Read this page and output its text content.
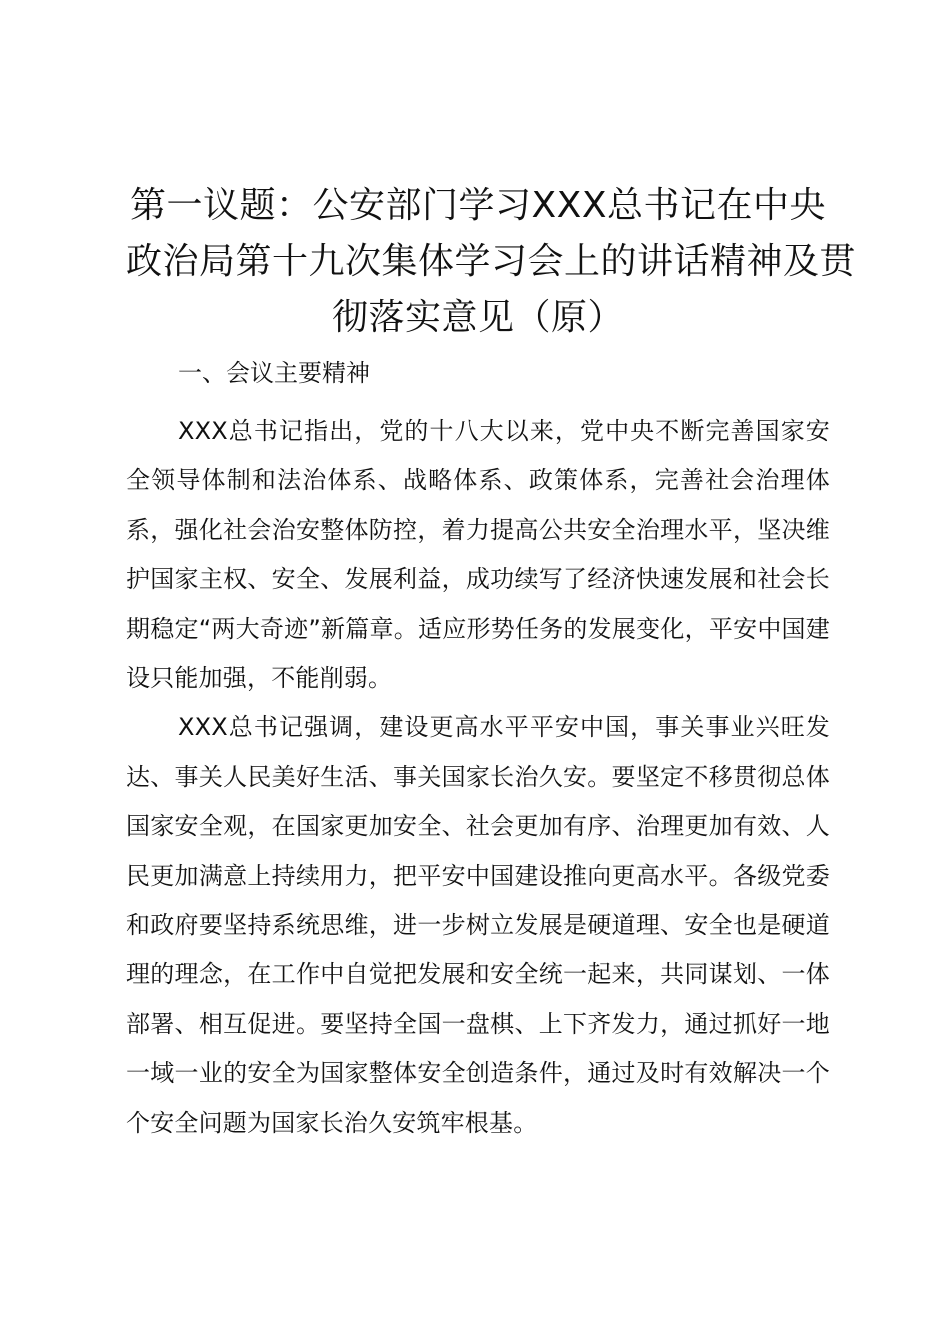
第一议题：公安部门学习XXX总书记在中央
政治局第十九次集体学习会上的讲话精神及贯
彻落实意见（原）

一、会议主要精神

XXX总书记指出，党的十八大以来，党中央不断完善国家安全领导体制和法治体系、战略体系、政策体系，完善社会治理体系，强化社会治安整体防控，着力提高公共安全治理水平，坚决维护国家主权、安全、发展利益，成功续写了经济快速发展和社会长期稳定“两大奇迹”新篇章。适应形势任务的发展变化，平安中国建设只能加强，不能削弱。

XXX总书记强调，建设更高水平平安中国，事关事业兴旺发达、事关人民美好生活、事关国家长治久安。要坚定不移贯彻总体国家安全观，在国家更加安全、社会更加有序、治理更加有效、人民更加满意上持续用力，把平安中国建设推向更高水平。各级党委和政府要坚持系统思维，进一步树立发展是硬道理、安全也是硬道理的理念，在工作中自觉把发展和安全统一起来，共同谋划、一体部署、相互促进。要坚持全国一盘棋、上下齐发力，通过抓好一地一域一业的安全为国家整体安全创造条件，通过及时有效解决一个个安全问题为国家长治久安筑牢根基。
